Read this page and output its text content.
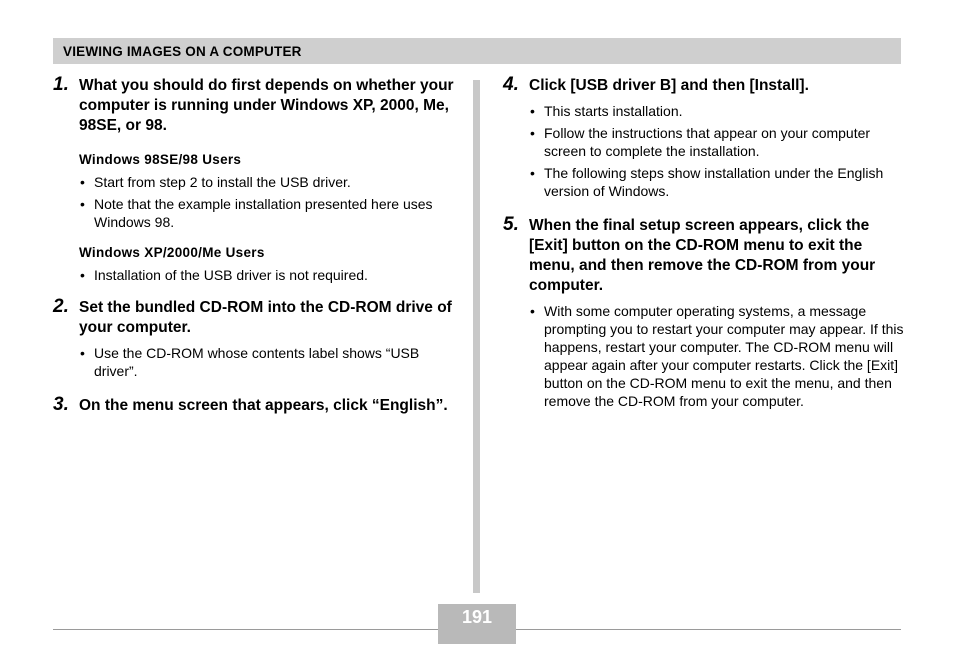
VIEWING IMAGES ON A COMPUTER
1. What you should do first depends on whether your computer is running under Windows XP, 2000, Me, 98SE, or 98.
Windows 98SE/98 Users
• Start from step 2 to install the USB driver.
• Note that the example installation presented here uses Windows 98.
Windows XP/2000/Me Users
• Installation of the USB driver is not required.
2. Set the bundled CD-ROM into the CD-ROM drive of your computer.
• Use the CD-ROM whose contents label shows “USB driver”.
3. On the menu screen that appears, click “English”.
4. Click [USB driver B] and then [Install].
• This starts installation.
• Follow the instructions that appear on your computer screen to complete the installation.
• The following steps show installation under the English version of Windows.
5. When the final setup screen appears, click the [Exit] button on the CD-ROM menu to exit the menu, and then remove the CD-ROM from your computer.
• With some computer operating systems, a message prompting you to restart your computer may appear. If this happens, restart your computer. The CD-ROM menu will appear again after your computer restarts. Click the [Exit] button on the CD-ROM menu to exit the menu, and then remove the CD-ROM from your computer.
191
